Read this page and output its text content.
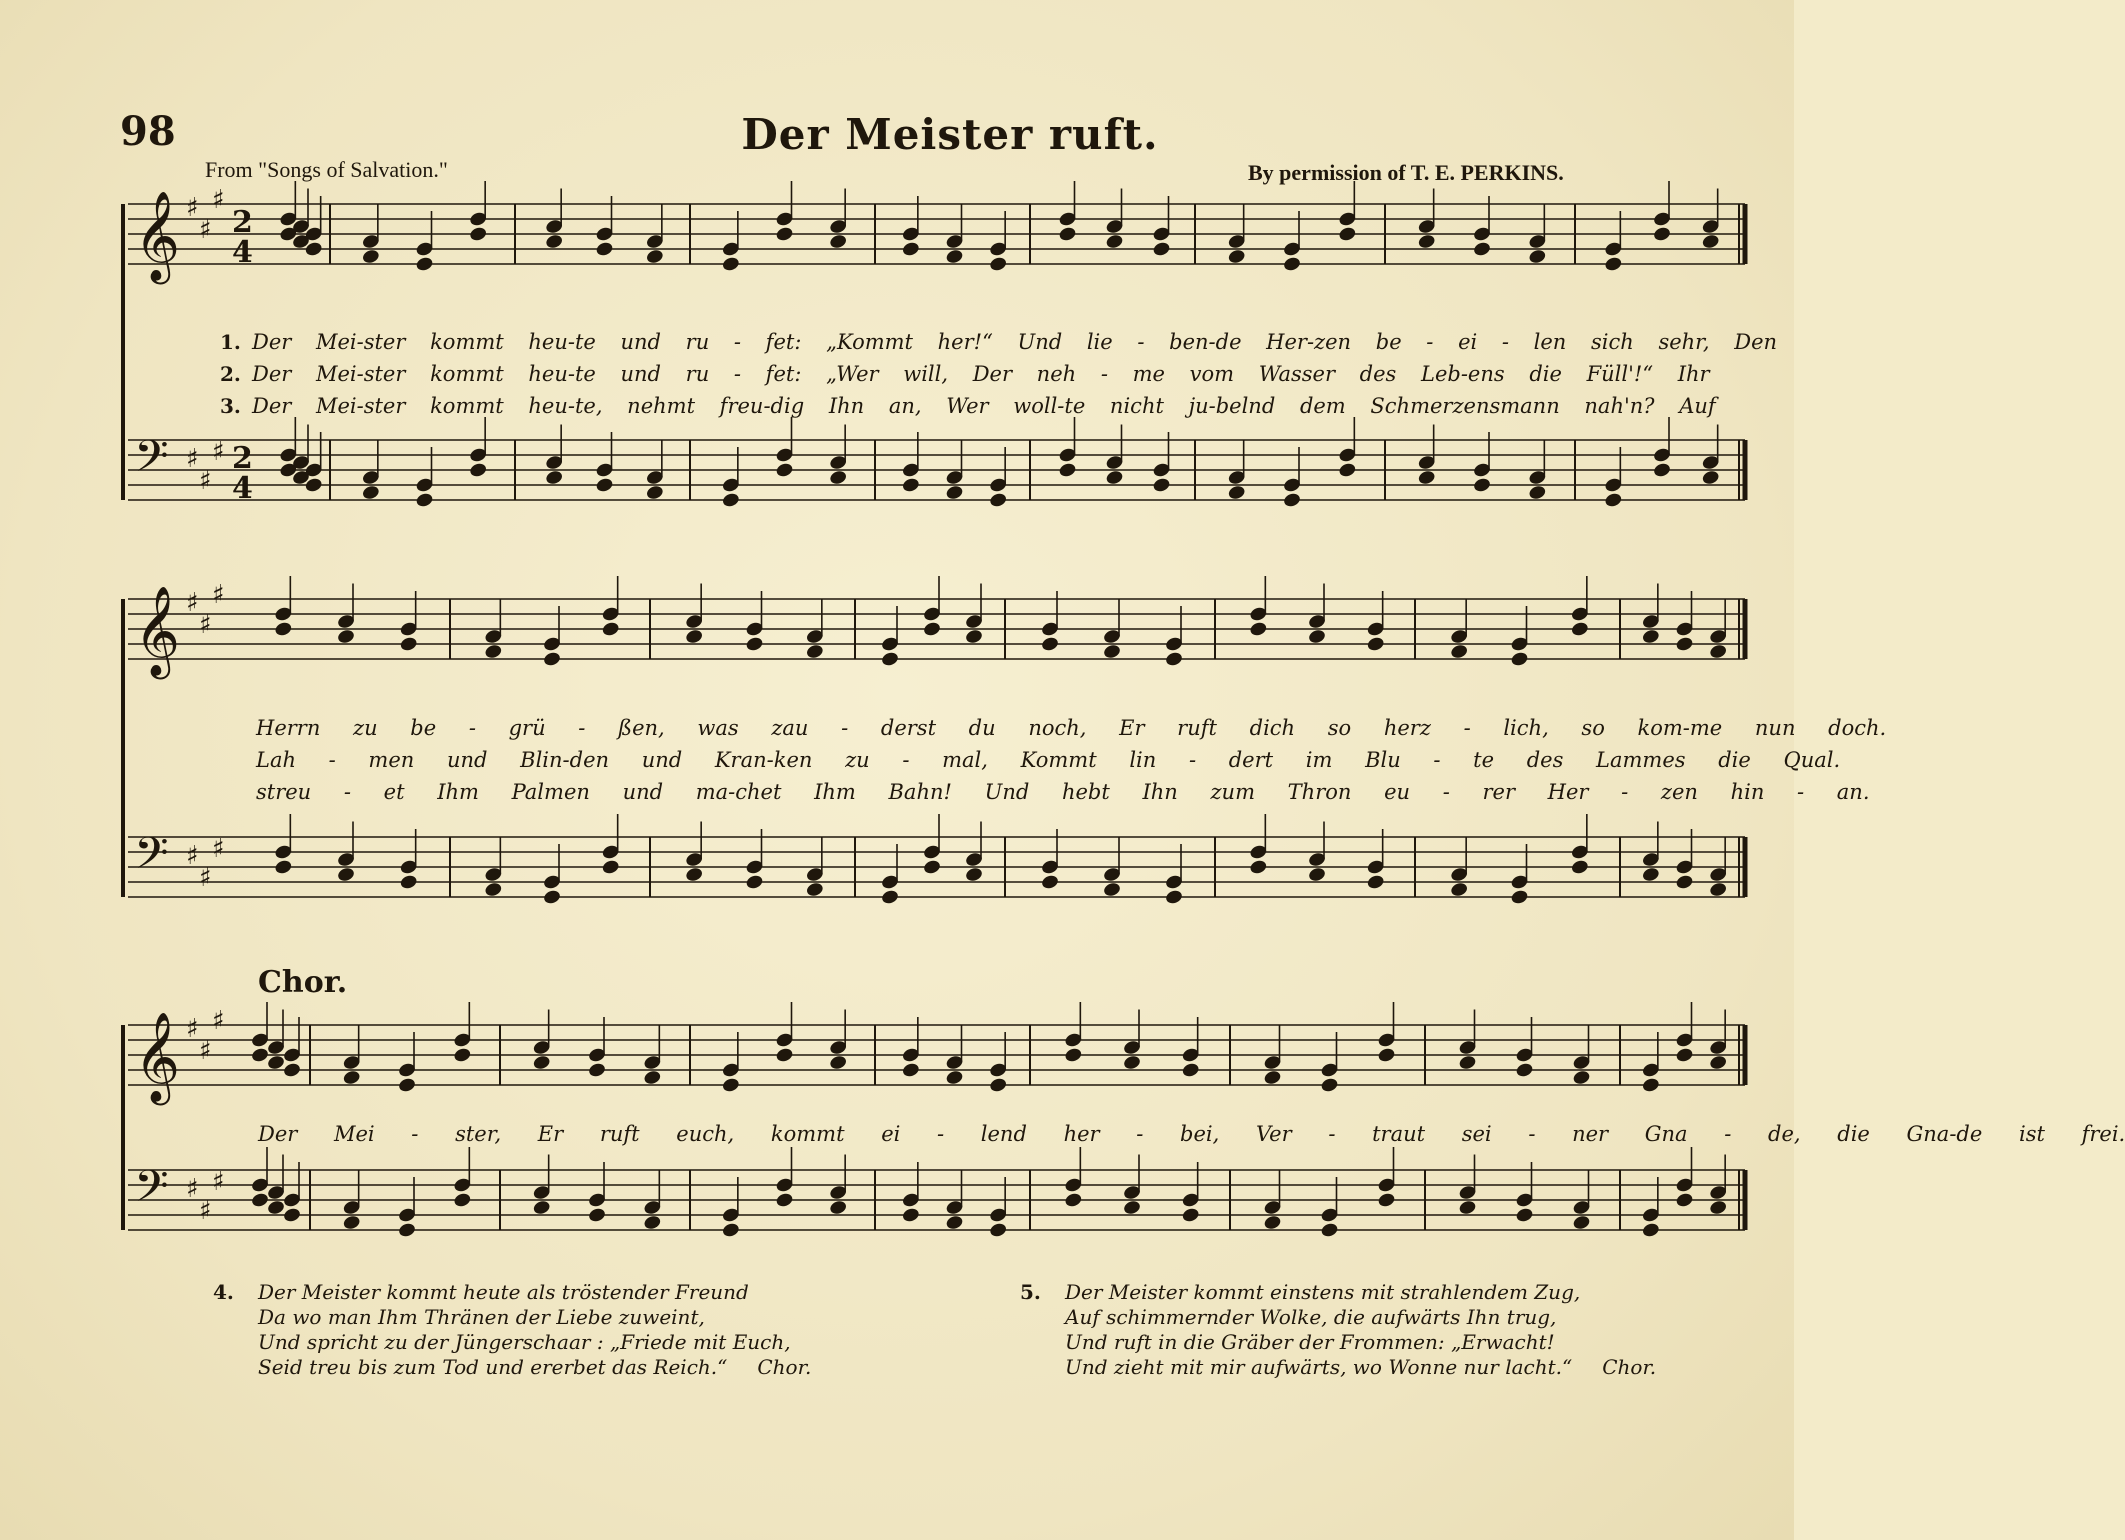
98	Der Meister ruft.
From "Songs of Salvation."	By permission of T. E. PERKINS.
𝄞 ♯
♯
♯
2
4
𝄢 ♯
♯
♯ 2
4
1. Der Mei-ster kommt heu-te und ru - fet: „Kommt her!“ Und lie - ben-de Her-zen be - ei - len sich sehr, Den
2. Der Mei-ster kommt heu-te und ru - fet: „Wer will, Der neh - me vom Wasser des Leb-ens die Füll'!“ Ihr
3. Der Mei-ster kommt heu-te, nehmt freu-dig Ihn an, Wer woll-te nicht ju-belnd dem Schmerzensmann nah'n? Auf
𝄞 ♯
♯
♯
𝄢 ♯
♯
♯
Herrn zu be - grü - ßen, was zau - derst du noch, Er ruft dich so herz - lich, so kom-me nun doch.
Lah - men und Blin-den und Kran-ken zu - mal, Kommt lin - dert im Blu - te des Lammes die Qual.
streu - et Ihm Palmen und ma-chet Ihm Bahn! Und hebt Ihn zum Thron eu - rer Her - zen hin - an.
Chor.
𝄞 ♯
♯
♯
𝄢 ♯
♯
♯
Der Mei - ster, Er ruft euch, kommt ei - lend her - bei, Ver - traut sei - ner Gna - de, die Gna-de ist frei.
4. Der Meister kommt heute als tröstender Freund
Da wo man Ihm Thränen der Liebe zuweint,
Und spricht zu der Jüngerschaar : „Friede mit Euch,
Seid treu bis zum Tod und ererbet das Reich.“ Chor.
5. Der Meister kommt einstens mit strahlendem Zug,
Auf schimmernder Wolke, die aufwärts Ihn trug,
Und ruft in die Gräber der Frommen: „Erwacht!
Und zieht mit mir aufwärts, wo Wonne nur lacht.“ Chor.
